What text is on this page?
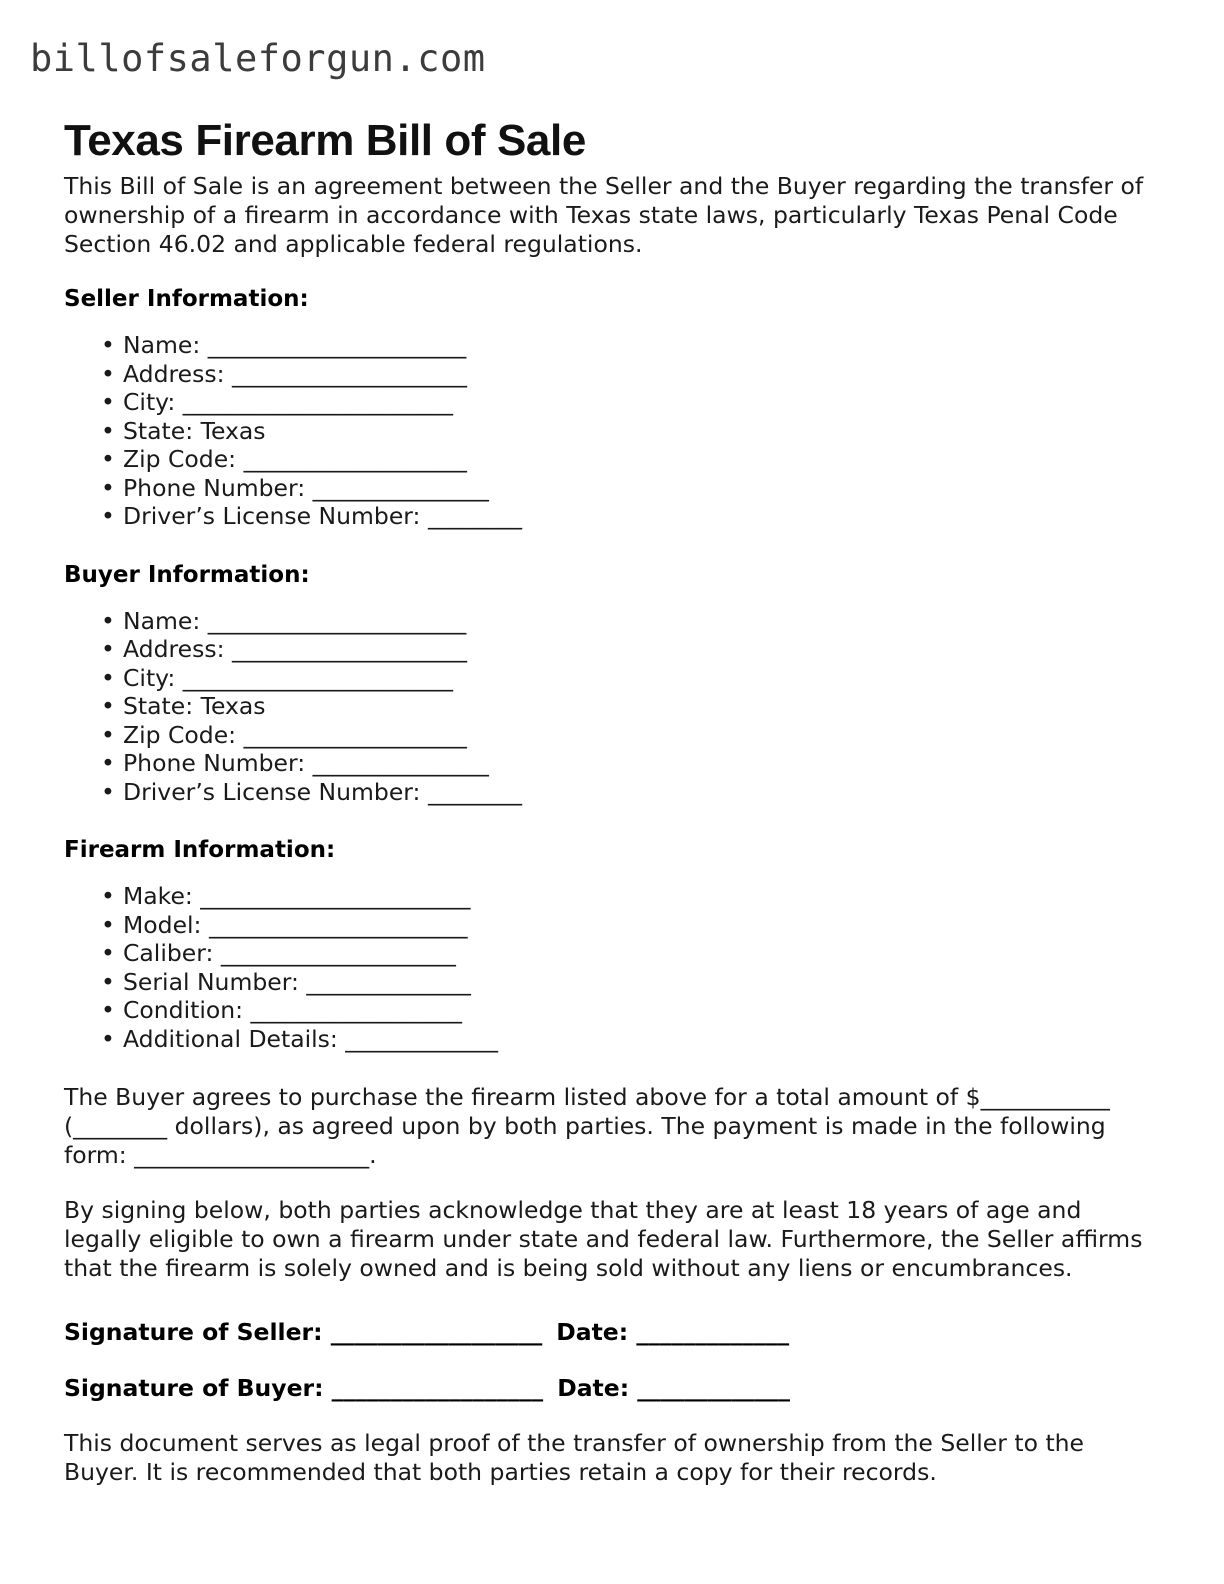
billofsaleforgun.com
Texas Firearm Bill of Sale

This Bill of Sale is an agreement between the Seller and the Buyer regarding the transfer of ownership of a firearm in accordance with Texas state laws, particularly Texas Penal Code Section 46.02 and applicable federal regulations.

Seller Information:
• Name: ______________________
• Address: ____________________
• City: _______________________
• State: Texas
• Zip Code: ___________________
• Phone Number: _______________
• Driver’s License Number: ________
Buyer Information:
• Name: ______________________
• Address: ____________________
• City: _______________________
• State: Texas
• Zip Code: ___________________
• Phone Number: _______________
• Driver’s License Number: ________
Firearm Information:
• Make: _______________________
• Model: ______________________
• Caliber: ____________________
• Serial Number: ______________
• Condition: __________________
• Additional Details: _____________

The Buyer agrees to purchase the firearm listed above for a total amount of $___________ (________ dollars), as agreed upon by both parties. The payment is made in the following form: ____________________.

By signing below, both parties acknowledge that they are at least 18 years of age and legally eligible to own a firearm under state and federal law. Furthermore, the Seller affirms that the firearm is solely owned and is being sold without any liens or encumbrances.

Signature of Seller: __________________ Date: _____________
Signature of Buyer: __________________ Date: _____________

This document serves as legal proof of the transfer of ownership from the Seller to the Buyer. It is recommended that both parties retain a copy for their records.
